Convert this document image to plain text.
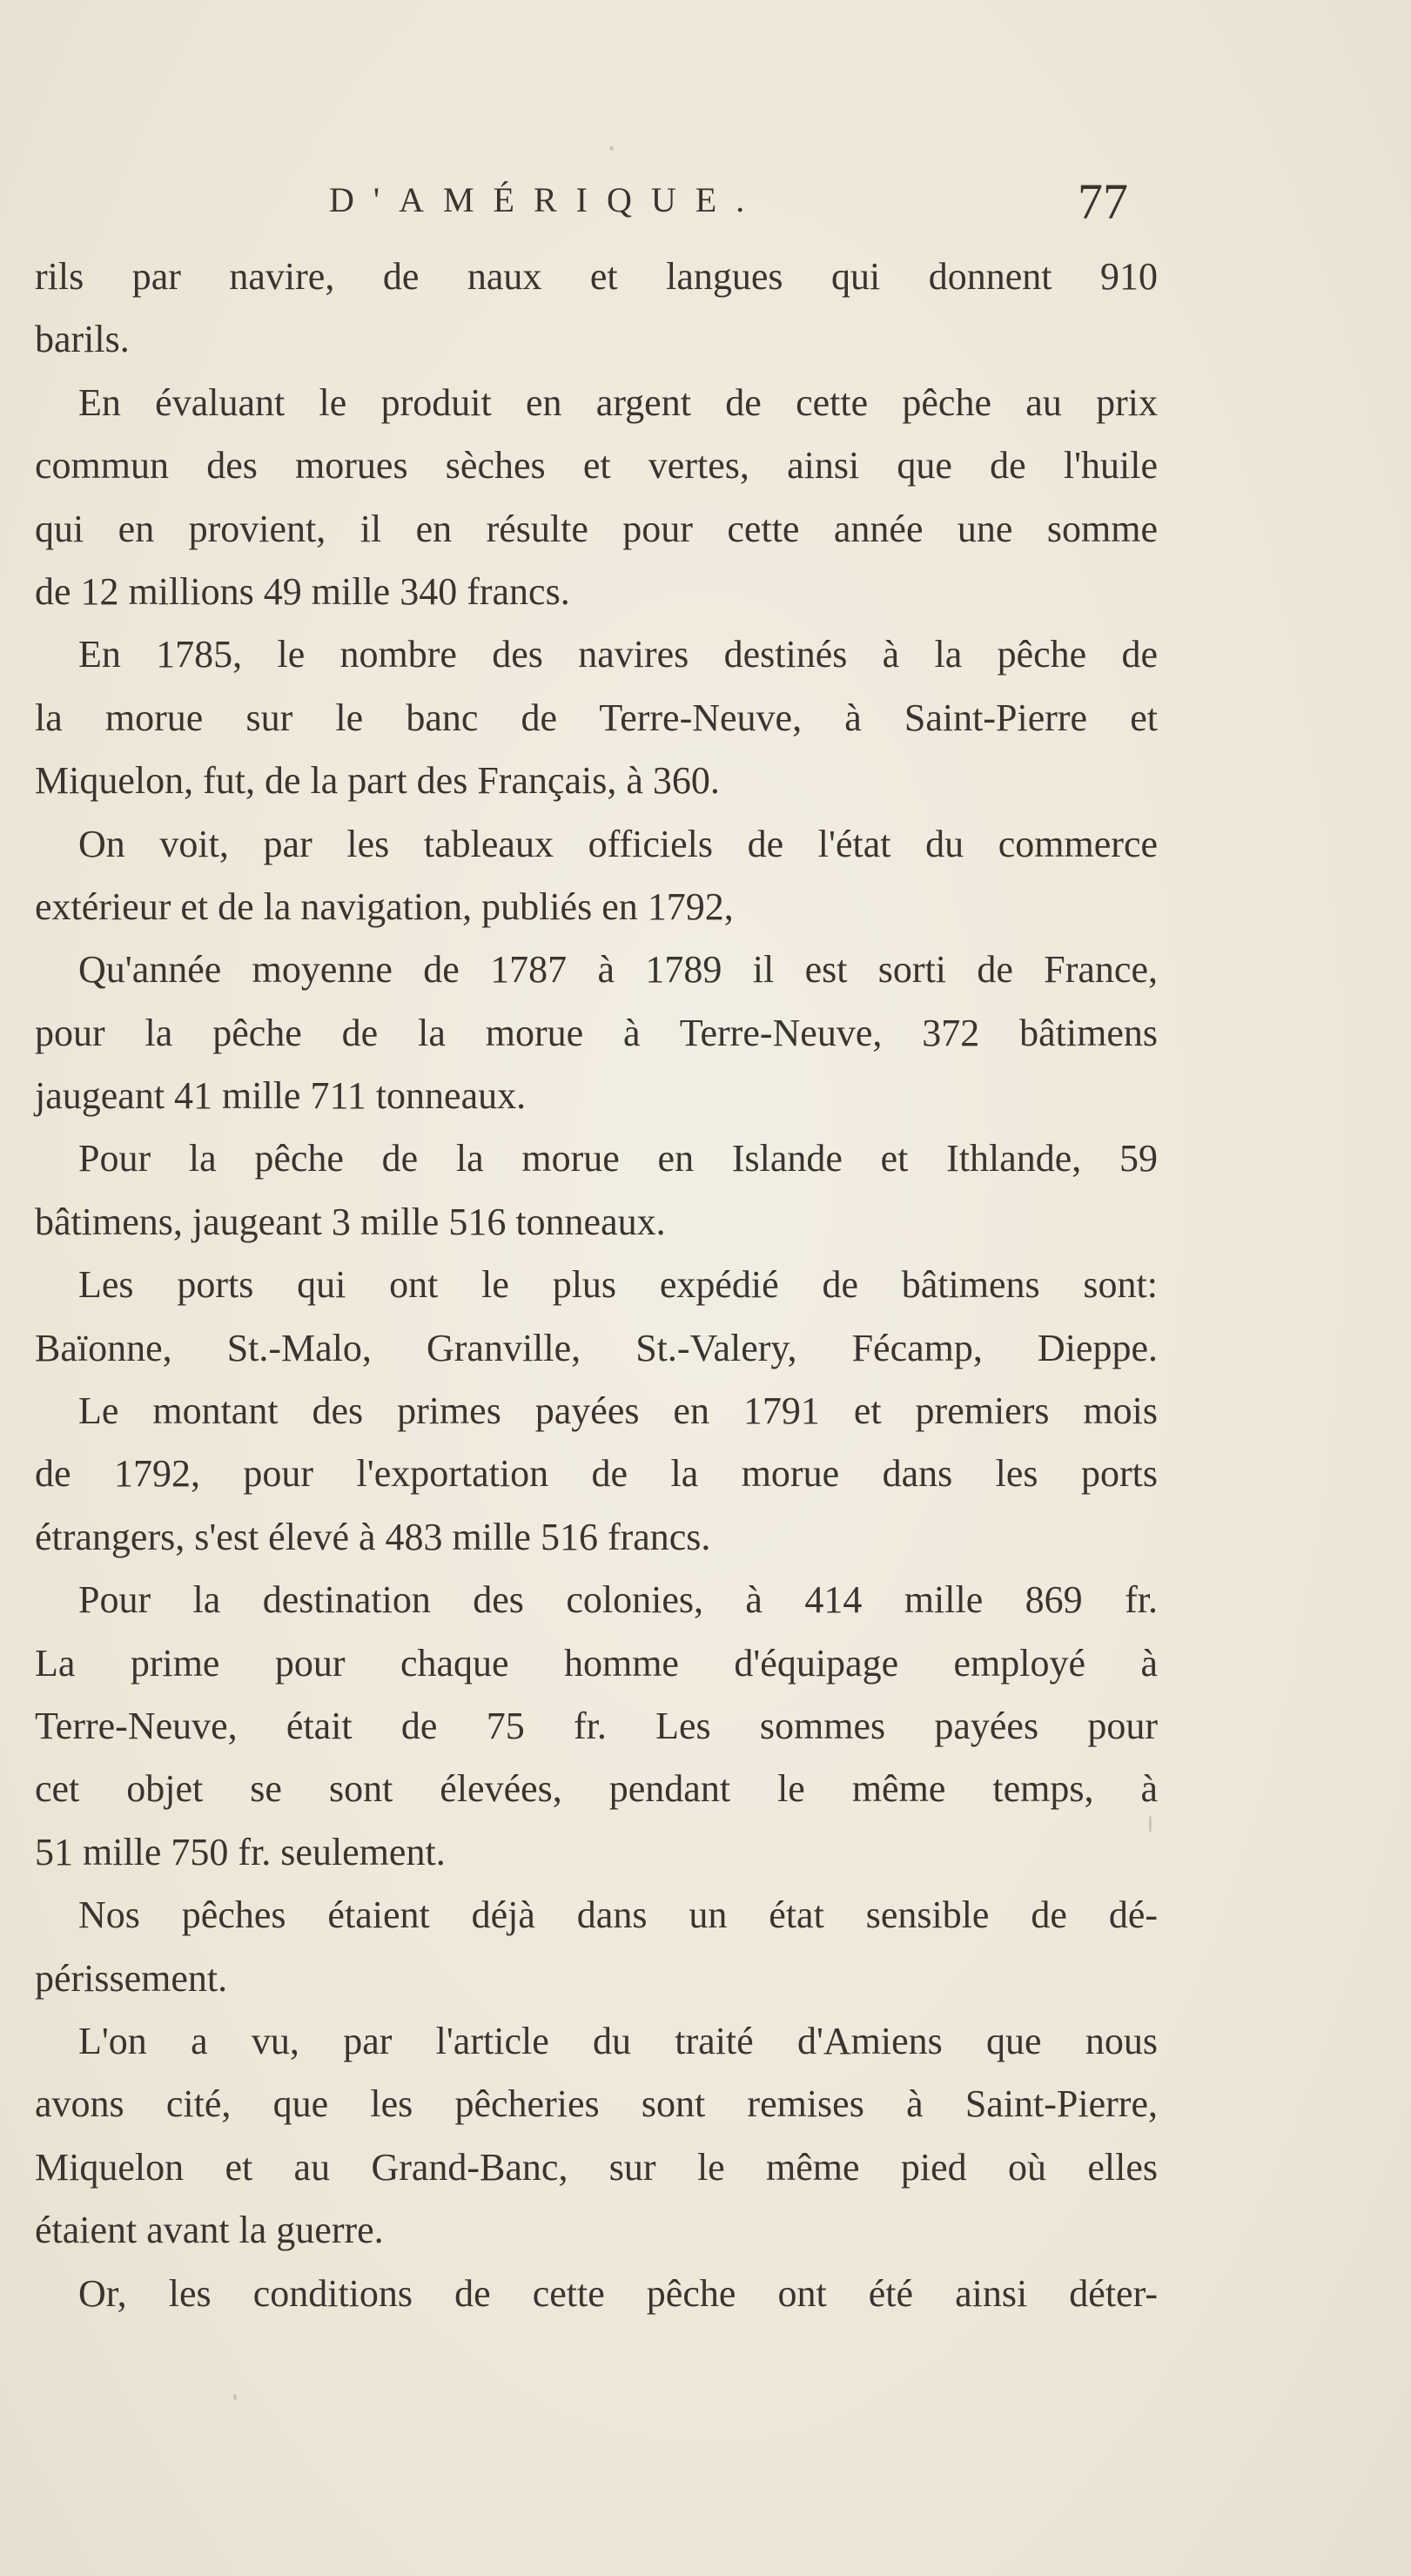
D'AMÉRIQUE.	77
rils par navire, de naux et langues qui donnent 910
barils.
En évaluant le produit en argent de cette pêche au prix
commun des morues sèches et vertes, ainsi que de l'huile
qui en provient, il en résulte pour cette année une somme
de 12 millions 49 mille 340 francs.
En 1785, le nombre des navires destinés à la pêche de
la morue sur le banc de Terre-Neuve, à Saint-Pierre et
Miquelon, fut, de la part des Français, à 360.
On voit, par les tableaux officiels de l'état du commerce
extérieur et de la navigation, publiés en 1792,
Qu'année moyenne de 1787 à 1789 il est sorti de France,
pour la pêche de la morue à Terre-Neuve, 372 bâtimens
jaugeant 41 mille 711 tonneaux.
Pour la pêche de la morue en Islande et Ithlande, 59
bâtimens, jaugeant 3 mille 516 tonneaux.
Les ports qui ont le plus expédié de bâtimens sont:
Baïonne, St.-Malo, Granville, St.-Valery, Fécamp, Dieppe.
Le montant des primes payées en 1791 et premiers mois
de 1792, pour l'exportation de la morue dans les ports
étrangers, s'est élevé à 483 mille 516 francs.
Pour la destination des colonies, à 414 mille 869 fr.
La prime pour chaque homme d'équipage employé à
Terre-Neuve, était de 75 fr. Les sommes payées pour
cet objet se sont élevées, pendant le même temps, à
51 mille 750 fr. seulement.
Nos pêches étaient déjà dans un état sensible de dé-
périssement.
L'on a vu, par l'article du traité d'Amiens que nous
avons cité, que les pêcheries sont remises à Saint-Pierre,
Miquelon et au Grand-Banc, sur le même pied où elles
étaient avant la guerre.
Or, les conditions de cette pêche ont été ainsi déter-
